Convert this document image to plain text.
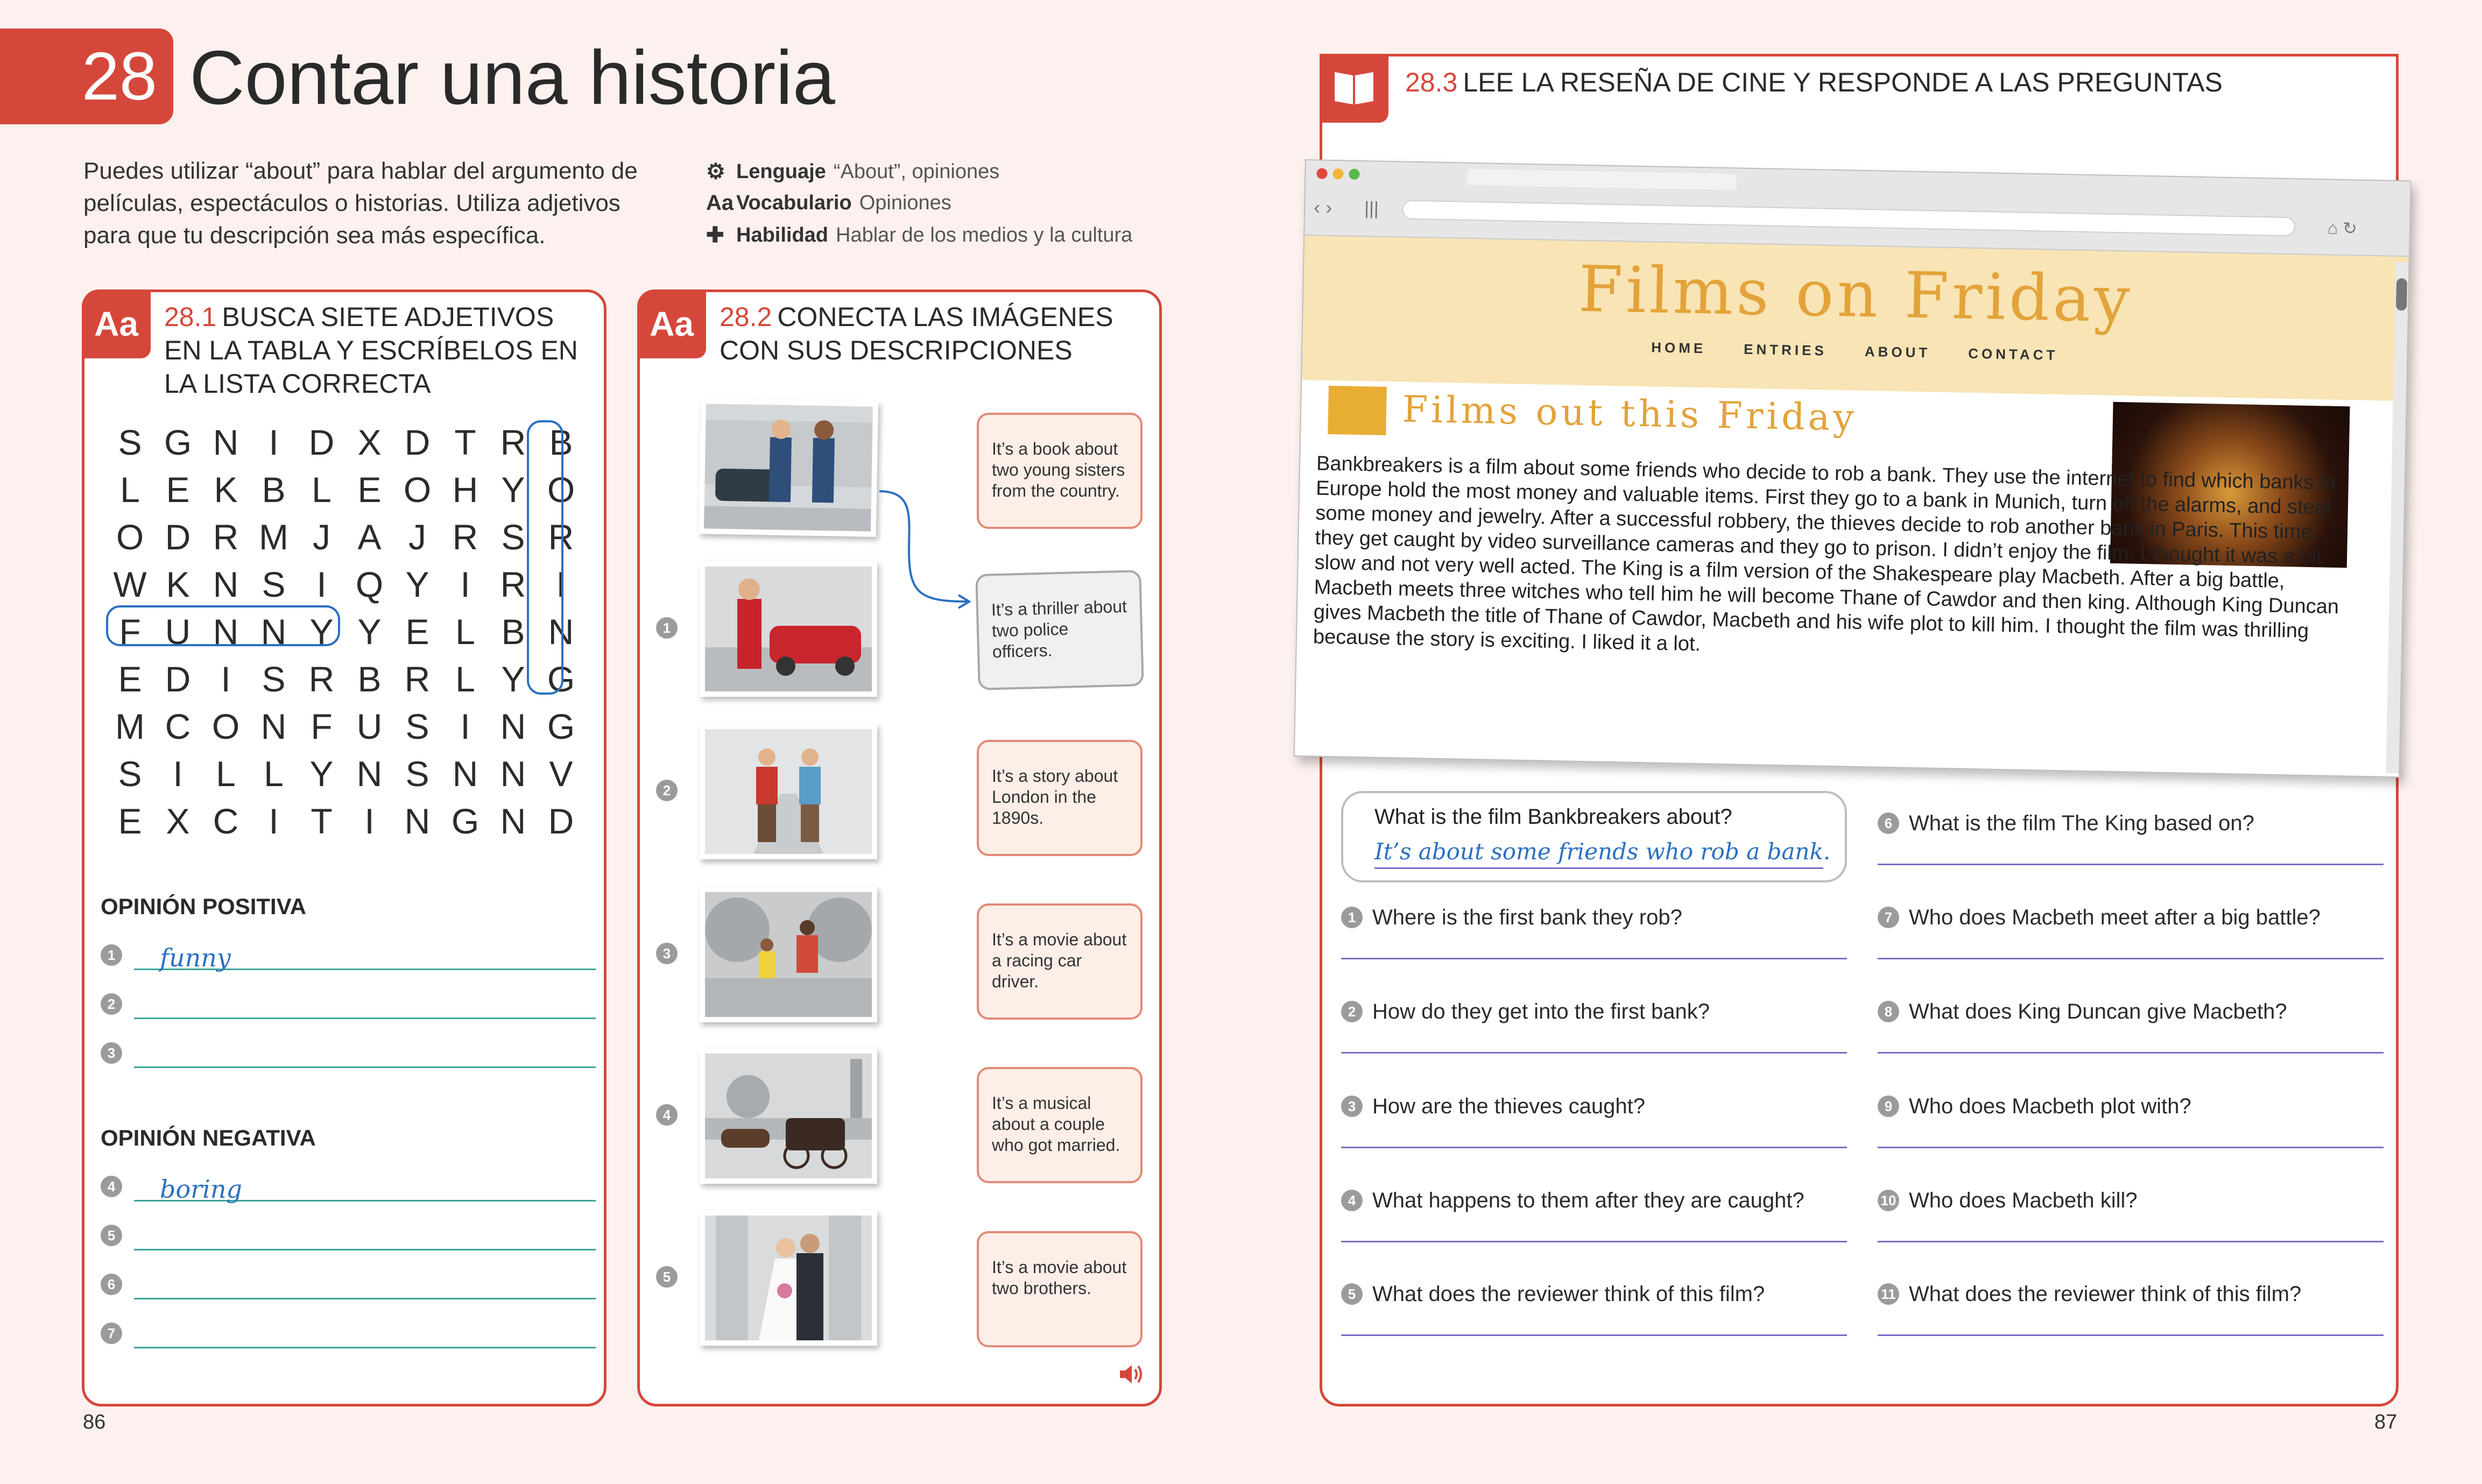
28 Contar una historia
Puedes utilizar “about” para hablar del argumento de películas, espectáculos o historias. Utiliza adjetivos para que tu descripción sea más específica.
⚙ Lenguaje “About”, opiniones
Aa Vocabulario Opiniones
✚ Habilidad Hablar de los medios y la cultura
Aa 28.1 BUSCA SIETE ADJETIVOS EN LA TABLA Y ESCRÍBELOS EN LA LISTA CORRECTA
S G N I D X D T R B
L E K B L E O H Y O
O D R M J A J R S R
W K N S I Q Y I R I
F U N N Y Y E L B N
E D I S R B R L Y G
M C O N F U S I N G
S I L L Y N S N N V
E X C I T I N G N D
OPINIÓN POSITIVA
1 funny
2
3
OPINIÓN NEGATIVA
4 boring
5
6
7
Aa 28.2 CONECTA LAS IMÁGENES CON SUS DESCRIPCIONES
1
2
3
4
5
It’s a book about two young sisters from the country.
It’s a thriller about two police officers.
It’s a story about London in the 1890s.
It’s a movie about a racing car driver.
It’s a musical about a couple who got married.
It’s a movie about two brothers.
28.3 LEE LA RESEÑA DE CINE Y RESPONDE A LAS PREGUNTAS
What is the film Bankbreakers about?
It’s about some friends who rob a bank.
1 Where is the first bank they rob?
2 How do they get into the first bank?
3 How are the thieves caught?
4 What happens to them after they are caught?
5 What does the reviewer think of this film?
6 What is the film The King based on?
7 Who does Macbeth meet after a big battle?
8 What does King Duncan give Macbeth?
9 Who does Macbeth plot with?
10 Who does Macbeth kill?
11 What does the reviewer think of this film?
‹ › |||
⌂ ↻
Films on Friday
HOME	ENTRIES	ABOUT	CONTACT
Films out this Friday
Bankbreakers is a film about some friends who decide to rob a bank. They use the internet to find which banks in Europe hold the most money and valuable items. First they go to a bank in Munich, turn off the alarms, and steal some money and jewelry. After a successful robbery, the thieves decide to rob another bank in Paris. This time, they get caught by video surveillance cameras and they go to prison. I didn’t enjoy the film. I thought it was a bit slow and not very well acted. The King is a film version of the Shakespeare play Macbeth. After a big battle, Macbeth meets three witches who tell him he will become Thane of Cawdor and then king. Although King Duncan gives Macbeth the title of Thane of Cawdor, Macbeth and his wife plot to kill him. I thought the film was thrilling because the story is exciting. I liked it a lot.
86	87
